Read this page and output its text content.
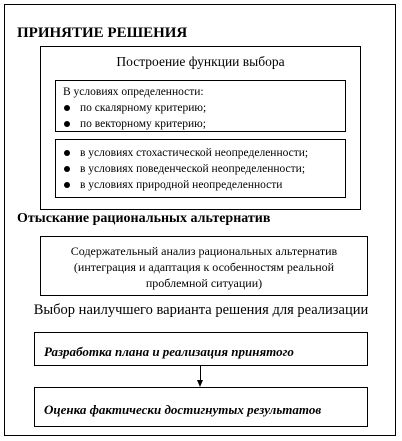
ПРИНЯТИЕ РЕШЕНИЯ
Построение функции выбора
В условиях определенности:
по скалярному критерию;
по векторному критерию;
в условиях стохастической неопределенности;
в условиях поведенческой неопределенности;
в условиях природной неопределенности
Отыскание рациональных альтернатив
Содержательный анализ рациональных альтернатив
(интеграция и адаптация к особенностям реальной
проблемной ситуации)
Выбор наилучшего варианта решения для реализации
Разработка плана и реализация принятого
Оценка фактически достигнутых результатов
